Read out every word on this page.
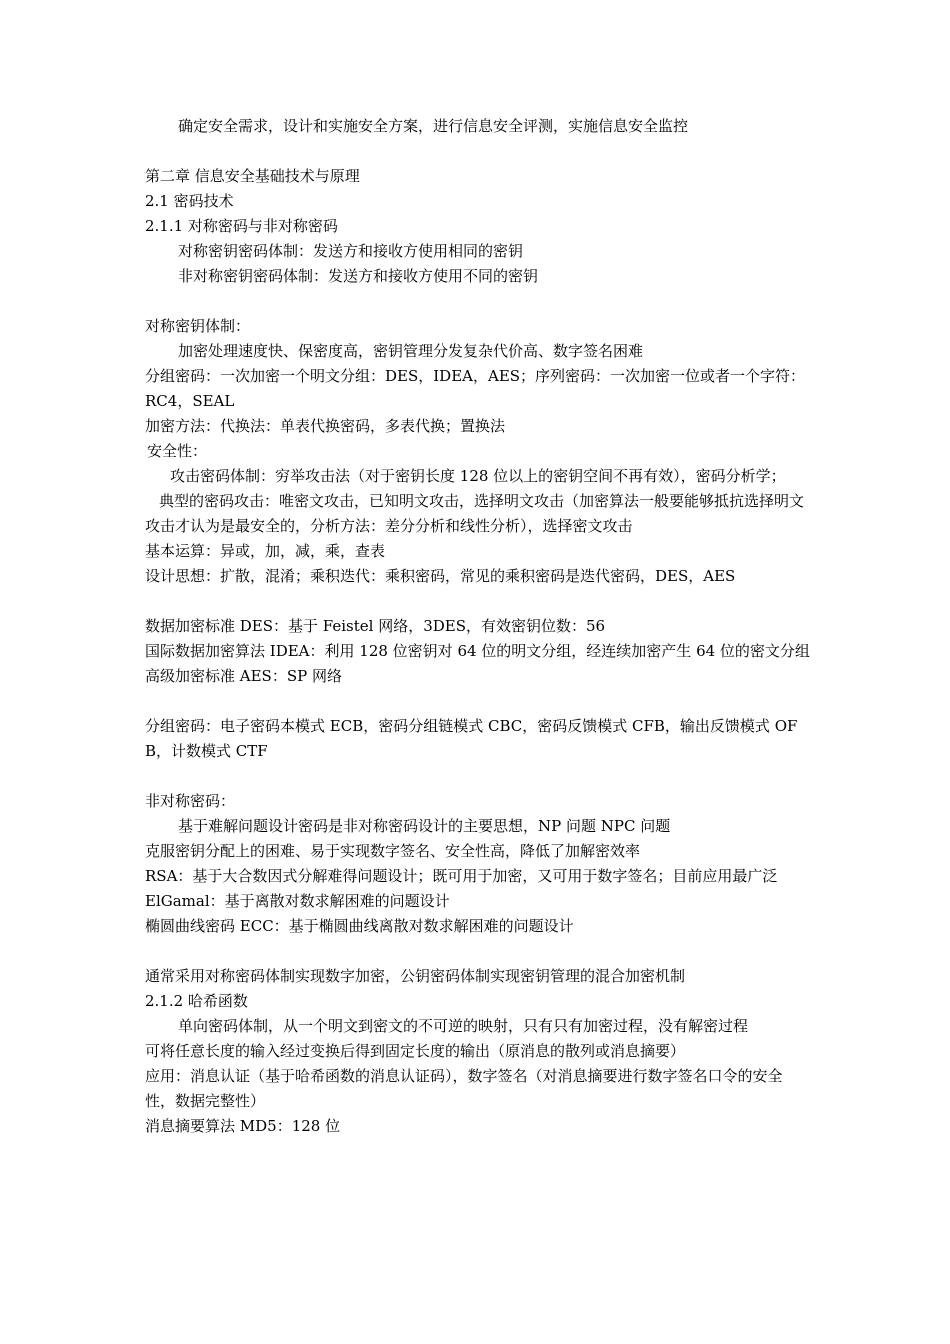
确定安全需求，设计和实施安全方案，进行信息安全评测，实施信息安全监控
第二章 信息安全基础技术与原理
2.1 密码技术
2.1.1 对称密码与非对称密码
对称密钥密码体制：发送方和接收方使用相同的密钥
非对称密钥密码体制：发送方和接收方使用不同的密钥
对称密钥体制：
加密处理速度快、保密度高，密钥管理分发复杂代价高、数字签名困难
分组密码：一次加密一个明文分组：DES，IDEA，AES；序列密码：一次加密一位或者一个字符：RC4，SEAL
加密方法：代换法：单表代换密码，多表代换；置换法
安全性：
攻击密码体制：穷举攻击法（对于密钥长度 128 位以上的密钥空间不再有效），密码分析学；
典型的密码攻击：唯密文攻击，已知明文攻击，选择明文攻击（加密算法一般要能够抵抗选择明文攻击才认为是最安全的，分析方法：差分分析和线性分析），选择密文攻击
基本运算：异或，加，减，乘，查表
设计思想：扩散，混淆；乘积迭代：乘积密码，常见的乘积密码是迭代密码，DES，AES
数据加密标准 DES：基于 Feistel 网络，3DES，有效密钥位数：56
国际数据加密算法 IDEA：利用 128 位密钥对 64 位的明文分组，经连续加密产生 64 位的密文分组
高级加密标准 AES：SP 网络
分组密码：电子密码本模式 ECB，密码分组链模式 CBC，密码反馈模式 CFB，输出反馈模式 OFB，计数模式 CTF
非对称密码：
基于难解问题设计密码是非对称密码设计的主要思想，NP 问题 NPC 问题
克服密钥分配上的困难、易于实现数字签名、安全性高，降低了加解密效率
RSA：基于大合数因式分解难得问题设计；既可用于加密，又可用于数字签名；目前应用最广泛
ElGamal：基于离散对数求解困难的问题设计
椭圆曲线密码 ECC：基于椭圆曲线离散对数求解困难的问题设计
通常采用对称密码体制实现数字加密，公钥密码体制实现密钥管理的混合加密机制
2.1.2 哈希函数
单向密码体制，从一个明文到密文的不可逆的映射，只有只有加密过程，没有解密过程
可将任意长度的输入经过变换后得到固定长度的输出（原消息的散列或消息摘要）
应用：消息认证（基于哈希函数的消息认证码），数字签名（对消息摘要进行数字签名口令的安全性，数据完整性）
消息摘要算法 MD5：128 位
